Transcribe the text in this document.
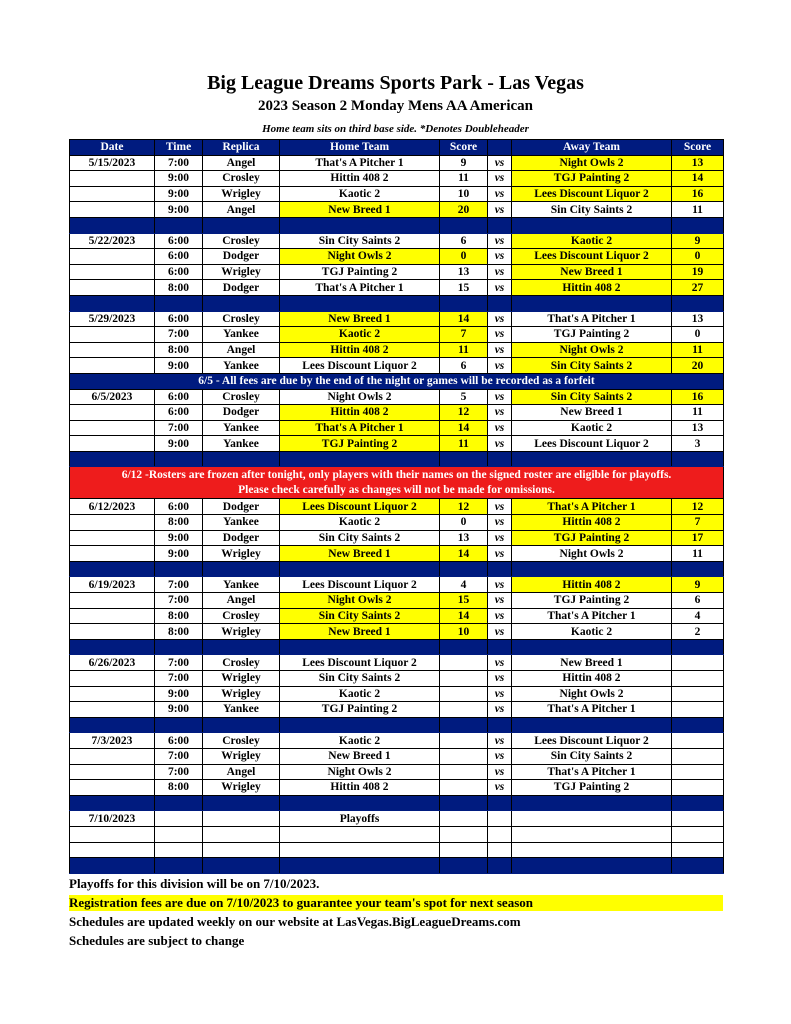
Big League Dreams Sports Park - Las Vegas
2023 Season 2 Monday Mens AA American
Home team sits on third base side. *Denotes Doubleheader
Date	Time	Replica	Home Team	Score		Away Team	Score
5/15/2023	7:00	Angel	That's A Pitcher 1	9	vs	Night Owls 2	13
	9:00	Crosley	Hittin 408 2	11	vs	TGJ Painting 2	14
	9:00	Wrigley	Kaotic 2	10	vs	Lees Discount Liquor 2	16
	9:00	Angel	New Breed 1	20	vs	Sin City Saints 2	11

5/22/2023	6:00	Crosley	Sin City Saints 2	6	vs	Kaotic 2	9
	6:00	Dodger	Night Owls 2	0	vs	Lees Discount Liquor 2	0
	6:00	Wrigley	TGJ Painting 2	13	vs	New Breed 1	19
	8:00	Dodger	That's A Pitcher 1	15	vs	Hittin 408 2	27

5/29/2023	6:00	Crosley	New Breed 1	14	vs	That's A Pitcher 1	13
	7:00	Yankee	Kaotic 2	7	vs	TGJ Painting 2	0
	8:00	Angel	Hittin 408 2	11	vs	Night Owls 2	11
	9:00	Yankee	Lees Discount Liquor 2	6	vs	Sin City Saints 2	20
6/5 - All fees are due by the end of the night or games will be recorded as a forfeit							
6/5/2023	6:00	Crosley	Night Owls 2	5	vs	Sin City Saints 2	16
	6:00	Dodger	Hittin 408 2	12	vs	New Breed 1	11
	7:00	Yankee	That's A Pitcher 1	14	vs	Kaotic 2	13
	9:00	Yankee	TGJ Painting 2	11	vs	Lees Discount Liquor 2	3

6/12 -Rosters are frozen after tonight, only players with their names on the signed roster are eligible for playoffs.
Please check carefully as changes will not be made for omissions.							

6/12/2023	6:00	Dodger	Lees Discount Liquor 2	12	vs	That's A Pitcher 1	12
	8:00	Yankee	Kaotic 2	0	vs	Hittin 408 2	7
	9:00	Dodger	Sin City Saints 2	13	vs	TGJ Painting 2	17
	9:00	Wrigley	New Breed 1	14	vs	Night Owls 2	11

6/19/2023	7:00	Yankee	Lees Discount Liquor 2	4	vs	Hittin 408 2	9
	7:00	Angel	Night Owls 2	15	vs	TGJ Painting 2	6
	8:00	Crosley	Sin City Saints 2	14	vs	That's A Pitcher 1	4
	8:00	Wrigley	New Breed 1	10	vs	Kaotic 2	2

6/26/2023	7:00	Crosley	Lees Discount Liquor 2		vs	New Breed 1	
	7:00	Wrigley	Sin City Saints 2		vs	Hittin 408 2	
	9:00	Wrigley	Kaotic 2		vs	Night Owls 2	
	9:00	Yankee	TGJ Painting 2		vs	That's A Pitcher 1	

7/3/2023	6:00	Crosley	Kaotic 2		vs	Lees Discount Liquor 2	
	7:00	Wrigley	New Breed 1		vs	Sin City Saints 2	
	7:00	Angel	Night Owls 2		vs	That's A Pitcher 1	
	8:00	Wrigley	Hittin 408 2		vs	TGJ Painting 2	

7/10/2023			Playoffs				

Playoffs for this division will be on 7/10/2023.
Registration fees are due on 7/10/2023 to guarantee your team's spot for next season
Schedules are updated weekly on our website at LasVegas.BigLeagueDreams.com
Schedules are subject to change
